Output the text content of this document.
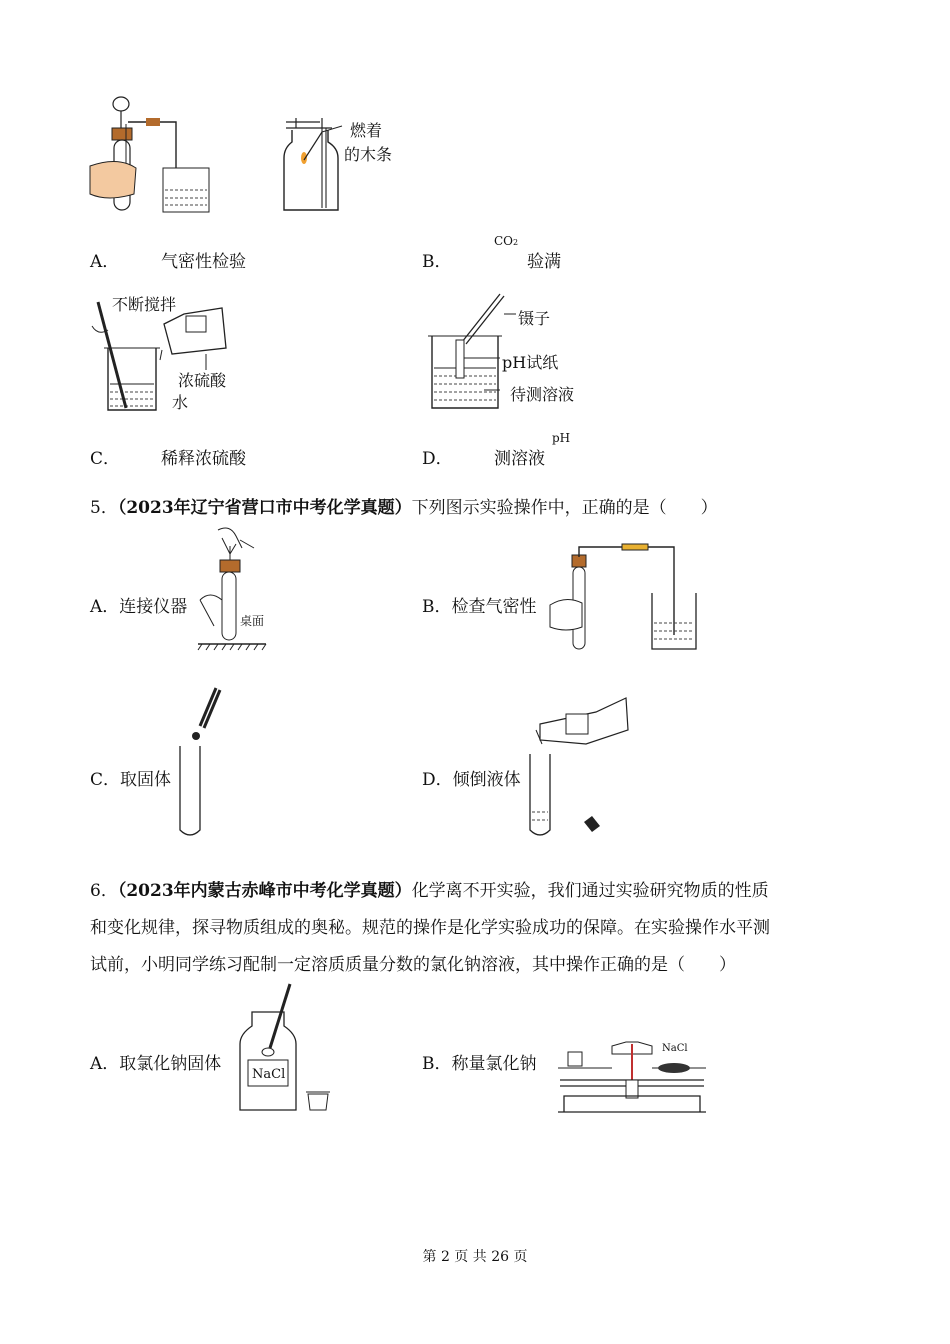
燃着
的木条
A． 气密性检验	B．
CO2
验满
不断搅拌
浓硫酸
水
镊子
pH试纸
待测溶液
C． 稀释浓硫酸	D． 测溶液
pH
5．（2023年辽宁省营口市中考化学真题）下列图示实验操作中，正确的是（　　）
桌面
A．连接仪器	B．检查气密性
C．取固体	D．倾倒液体
6．（2023年内蒙古赤峰市中考化学真题）化学离不开实验，我们通过实验研究物质的性质
和变化规律，探寻物质组成的奥秘。规范的操作是化学实验成功的保障。在实验操作水平测
试前，小明同学练习配制一定溶质质量分数的氯化钠溶液，其中操作正确的是（　　）
NaCl
A．取氯化钠固体
NaCl
B．称量氯化钠
第 2 页 共 26 页
